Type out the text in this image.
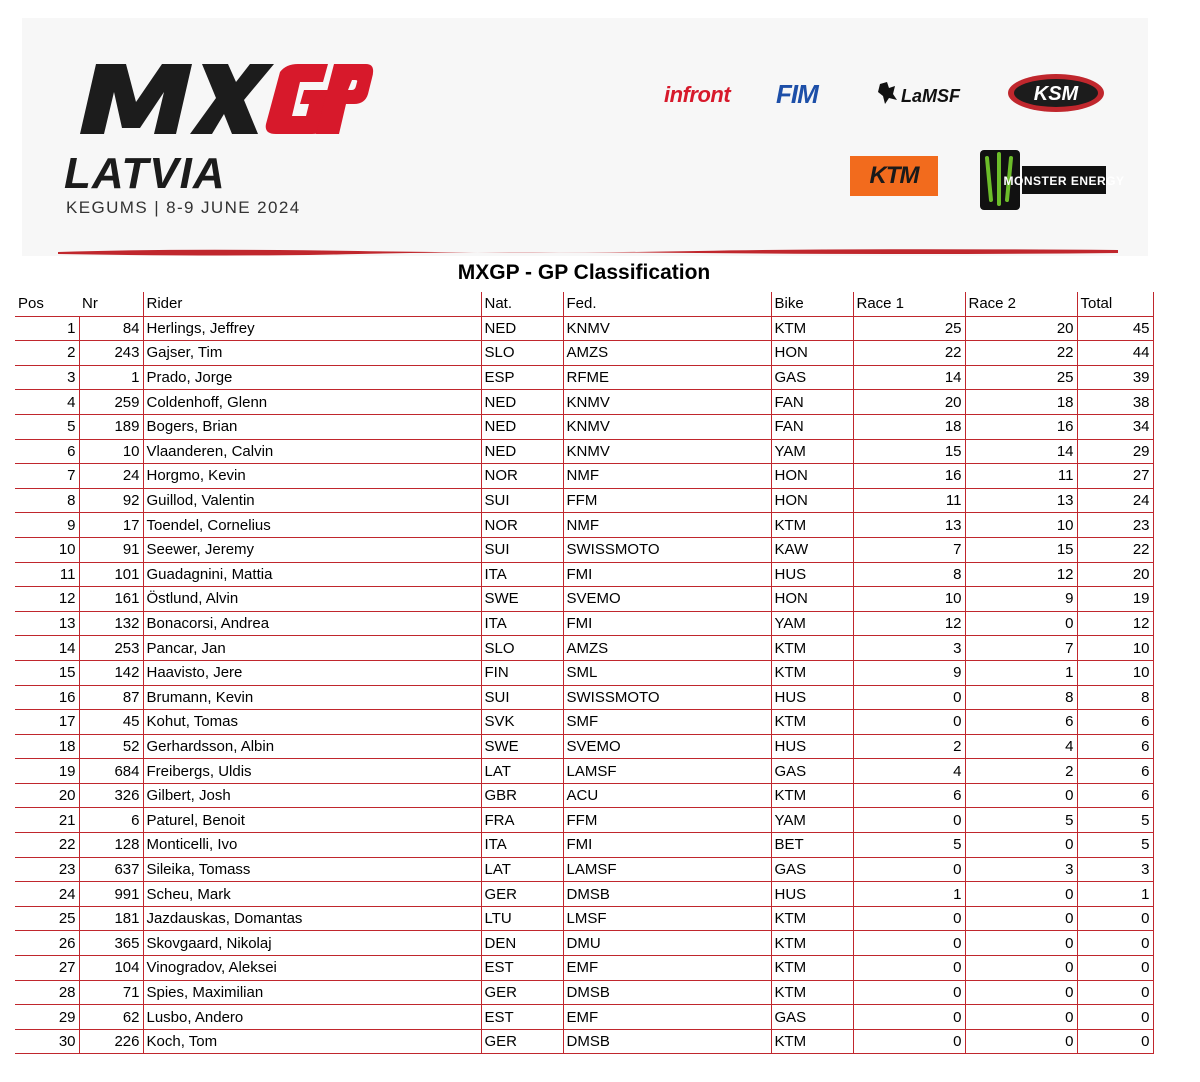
LATVIA
KEGUMS | 8-9 JUNE 2024
infront FIM	LaMSF	KSM
KTM	MONSTER ENERGY
MXGP - GP Classification
Pos	Nr	Rider	Nat.	Fed.	Bike	Race 1	Race 2	Total
1	84	Herlings, Jeffrey	NED	KNMV	KTM	25	20	45
2	243	Gajser, Tim	SLO	AMZS	HON	22	22	44
3	1	Prado, Jorge	ESP	RFME	GAS	14	25	39
4	259	Coldenhoff, Glenn	NED	KNMV	FAN	20	18	38
5	189	Bogers, Brian	NED	KNMV	FAN	18	16	34
6	10	Vlaanderen, Calvin	NED	KNMV	YAM	15	14	29
7	24	Horgmo, Kevin	NOR	NMF	HON	16	11	27
8	92	Guillod, Valentin	SUI	FFM	HON	11	13	24
9	17	Toendel, Cornelius	NOR	NMF	KTM	13	10	23
10	91	Seewer, Jeremy	SUI	SWISSMOTO	KAW	7	15	22
11	101	Guadagnini, Mattia	ITA	FMI	HUS	8	12	20
12	161	Östlund, Alvin	SWE	SVEMO	HON	10	9	19
13	132	Bonacorsi, Andrea	ITA	FMI	YAM	12	0	12
14	253	Pancar, Jan	SLO	AMZS	KTM	3	7	10
15	142	Haavisto, Jere	FIN	SML	KTM	9	1	10
16	87	Brumann, Kevin	SUI	SWISSMOTO	HUS	0	8	8
17	45	Kohut, Tomas	SVK	SMF	KTM	0	6	6
18	52	Gerhardsson, Albin	SWE	SVEMO	HUS	2	4	6
19	684	Freibergs, Uldis	LAT	LAMSF	GAS	4	2	6
20	326	Gilbert, Josh	GBR	ACU	KTM	6	0	6
21	6	Paturel, Benoit	FRA	FFM	YAM	0	5	5
22	128	Monticelli, Ivo	ITA	FMI	BET	5	0	5
23	637	Sileika, Tomass	LAT	LAMSF	GAS	0	3	3
24	991	Scheu, Mark	GER	DMSB	HUS	1	0	1
25	181	Jazdauskas, Domantas	LTU	LMSF	KTM	0	0	0
26	365	Skovgaard, Nikolaj	DEN	DMU	KTM	0	0	0
27	104	Vinogradov, Aleksei	EST	EMF	KTM	0	0	0
28	71	Spies, Maximilian	GER	DMSB	KTM	0	0	0
29	62	Lusbo, Andero	EST	EMF	GAS	0	0	0
30	226	Koch, Tom	GER	DMSB	KTM	0	0	0
